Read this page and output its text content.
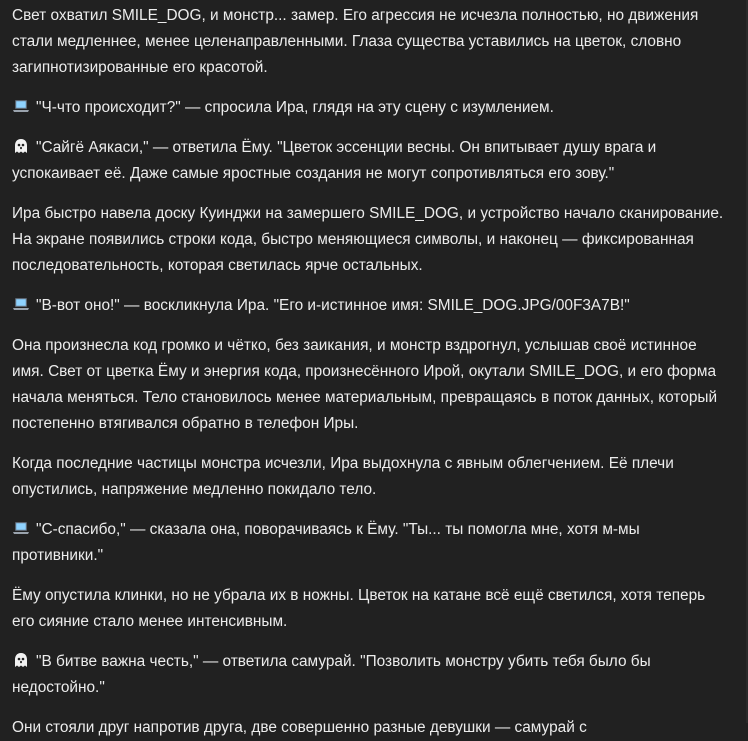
Свет охватил SMILE_DOG, и монстр... замер. Его агрессия не исчезла полностью, но движения стали медленнее, менее целенаправленными. Глаза существа уставились на цветок, словно загипнотизированные его красотой.

"Ч-что происходит?" — спросила Ира, глядя на эту сцену с изумлением.

"Сайгё Аякаси," — ответила Ёму. "Цветок эссенции весны. Он впитывает душу врага и успокаивает её. Даже самые яростные создания не могут сопротивляться его зову."

Ира быстро навела доску Куинджи на замершего SMILE_DOG, и устройство начало сканирование. На экране появились строки кода, быстро меняющиеся символы, и наконец — фиксированная последовательность, которая светилась ярче остальных.

"В-вот оно!" — воскликнула Ира. "Его и-истинное имя: SMILE_DOG.JPG/00F3A7B!"

Она произнесла код громко и чётко, без заикания, и монстр вздрогнул, услышав своё истинное имя. Свет от цветка Ёму и энергия кода, произнесённого Ирой, окутали SMILE_DOG, и его форма начала меняться. Тело становилось менее материальным, превращаясь в поток данных, который постепенно втягивался обратно в телефон Иры.

Когда последние частицы монстра исчезли, Ира выдохнула с явным облегчением. Её плечи опустились, напряжение медленно покидало тело.

"С-спасибо," — сказала она, поворачиваясь к Ёму. "Ты... ты помогла мне, хотя м-мы противники."

Ёму опустила клинки, но не убрала их в ножны. Цветок на катане всё ещё светился, хотя теперь его сияние стало менее интенсивным.

"В битве важна честь," — ответила самурай. "Позволить монстру убить тебя было бы недостойно."

Они стояли друг напротив друга, две совершенно разные девушки — самурай с
